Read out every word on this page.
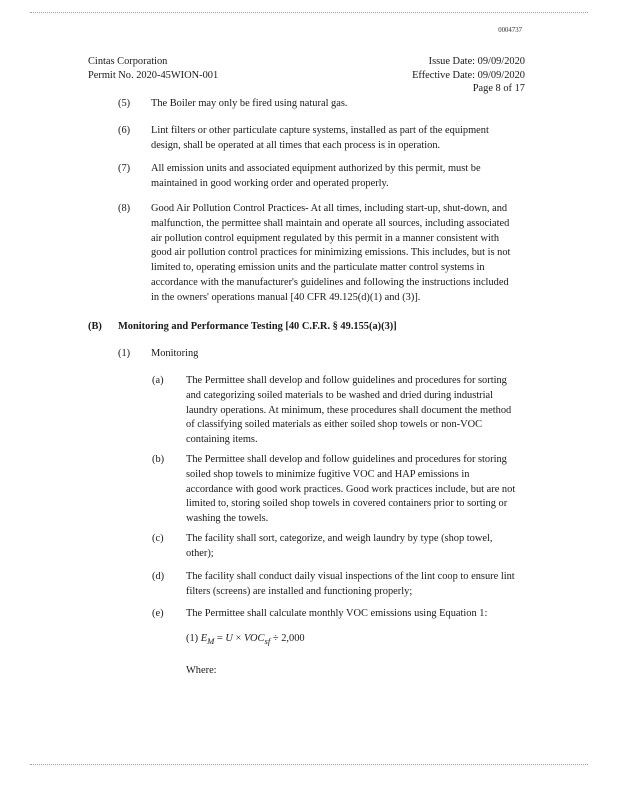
0004737
Cintas Corporation
Permit No. 2020-45WION-001
Issue Date: 09/09/2020
Effective Date: 09/09/2020
Page 8 of 17
(5) The Boiler may only be fired using natural gas.
(6) Lint filters or other particulate capture systems, installed as part of the equipment design, shall be operated at all times that each process is in operation.
(7) All emission units and associated equipment authorized by this permit, must be maintained in good working order and operated properly.
(8) Good Air Pollution Control Practices- At all times, including start-up, shut-down, and malfunction, the permittee shall maintain and operate all sources, including associated air pollution control equipment regulated by this permit in a manner consistent with good air pollution control practices for minimizing emissions. This includes, but is not limited to, operating emission units and the particulate matter control systems in accordance with the manufacturer's guidelines and following the instructions included in the owners' operations manual [40 CFR 49.125(d)(1) and (3)].
(B) Monitoring and Performance Testing [40 C.F.R. § 49.155(a)(3)]
(1) Monitoring
(a) The Permittee shall develop and follow guidelines and procedures for sorting and categorizing soiled materials to be washed and dried during industrial laundry operations. At minimum, these procedures shall document the method of classifying soiled materials as either soiled shop towels or non-VOC containing items.
(b) The Permittee shall develop and follow guidelines and procedures for storing soiled shop towels to minimize fugitive VOC and HAP emissions in accordance with good work practices. Good work practices include, but are not limited to, storing soiled shop towels in covered containers prior to sorting or washing the towels.
(c) The facility shall sort, categorize, and weigh laundry by type (shop towel, other);
(d) The facility shall conduct daily visual inspections of the lint coop to ensure lint filters (screens) are installed and functioning properly;
(e) The Permittee shall calculate monthly VOC emissions using Equation 1:
(1) $E_M = U \times VOC_{sf} \div 2,000$
Where:
